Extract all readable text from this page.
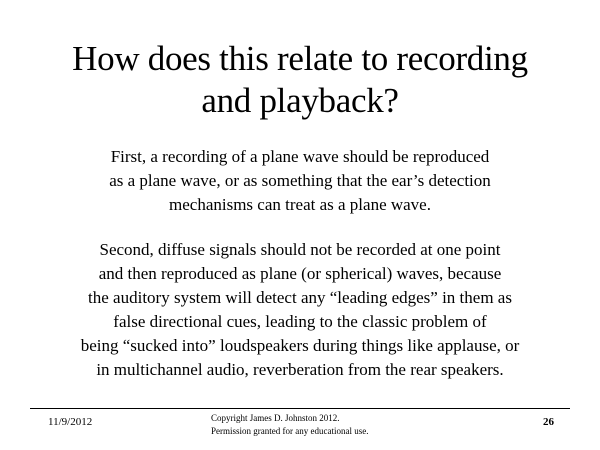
How does this relate to recording
and playback?
First, a recording of a plane wave should be reproduced
as a plane wave, or as something that the ear’s detection
mechanisms can treat as a plane wave.
Second, diffuse signals should not be recorded at one point
and then reproduced as plane (or spherical) waves, because
the auditory system will detect any “leading edges” in them as
false directional cues, leading to the classic problem of
being “sucked into” loudspeakers during things like applause, or
in multichannel audio, reverberation from the rear speakers.
11/9/2012	Copyright James D. Johnston 2012.
Permission granted for any educational use.
26
